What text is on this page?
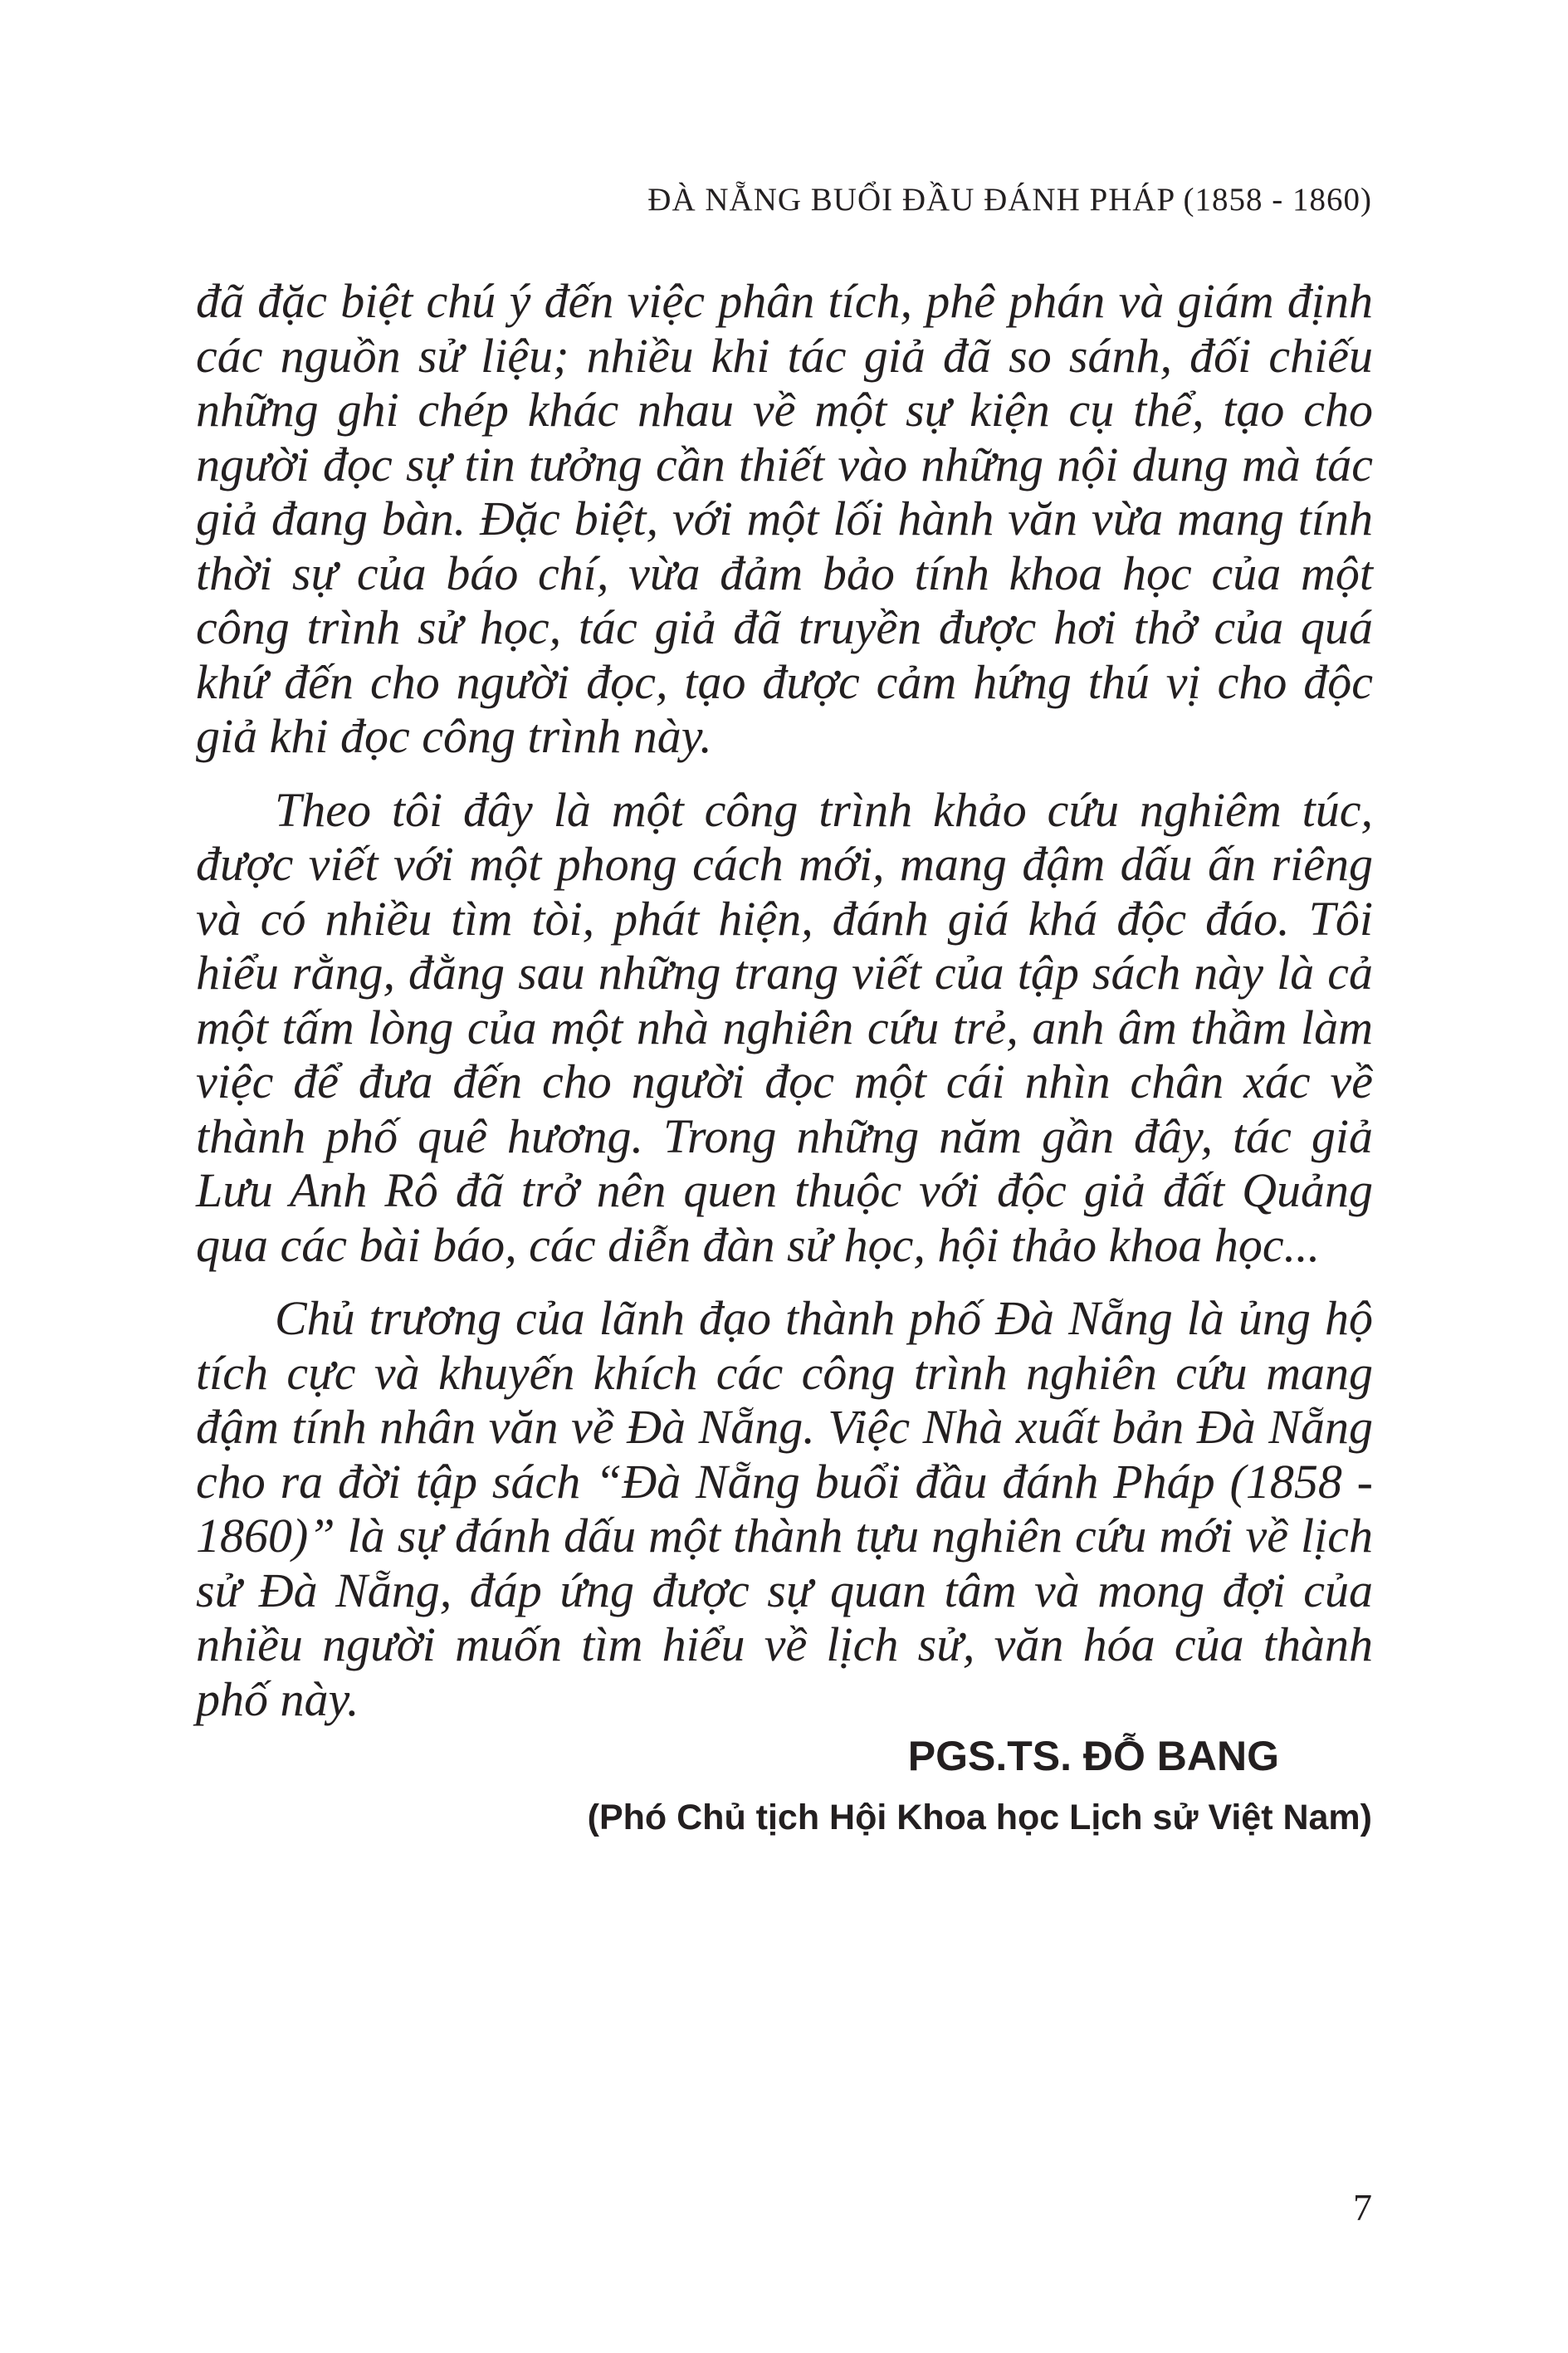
ĐÀ NẴNG BUỔI ĐẦU ĐÁNH PHÁP (1858 - 1860)

đã đặc biệt chú ý đến việc phân tích, phê phán và giám định các nguồn sử liệu; nhiều khi tác giả đã so sánh, đối chiếu những ghi chép khác nhau về một sự kiện cụ thể, tạo cho người đọc sự tin tưởng cần thiết vào những nội dung mà tác giả đang bàn. Đặc biệt, với một lối hành văn vừa mang tính thời sự của báo chí, vừa đảm bảo tính khoa học của một công trình sử học, tác giả đã truyền được hơi thở của quá khứ đến cho người đọc, tạo được cảm hứng thú vị cho độc giả khi đọc công trình này.

Theo tôi đây là một công trình khảo cứu nghiêm túc, được viết với một phong cách mới, mang đậm dấu ấn riêng và có nhiều tìm tòi, phát hiện, đánh giá khá độc đáo. Tôi hiểu rằng, đằng sau những trang viết của tập sách này là cả một tấm lòng của một nhà nghiên cứu trẻ, anh âm thầm làm việc để đưa đến cho người đọc một cái nhìn chân xác về thành phố quê hương. Trong những năm gần đây, tác giả Lưu Anh Rô đã trở nên quen thuộc với độc giả đất Quảng qua các bài báo, các diễn đàn sử học, hội thảo khoa học...

Chủ trương của lãnh đạo thành phố Đà Nẵng là ủng hộ tích cực và khuyến khích các công trình nghiên cứu mang đậm tính nhân văn về Đà Nẵng. Việc Nhà xuất bản Đà Nẵng cho ra đời tập sách “Đà Nẵng buổi đầu đánh Pháp (1858 - 1860)” là sự đánh dấu một thành tựu nghiên cứu mới về lịch sử Đà Nẵng, đáp ứng được sự quan tâm và mong đợi của nhiều người muốn tìm hiểu về lịch sử, văn hóa của thành phố này.

PGS.TS. ĐỖ BANG
(Phó Chủ tịch Hội Khoa học Lịch sử Việt Nam)
7
